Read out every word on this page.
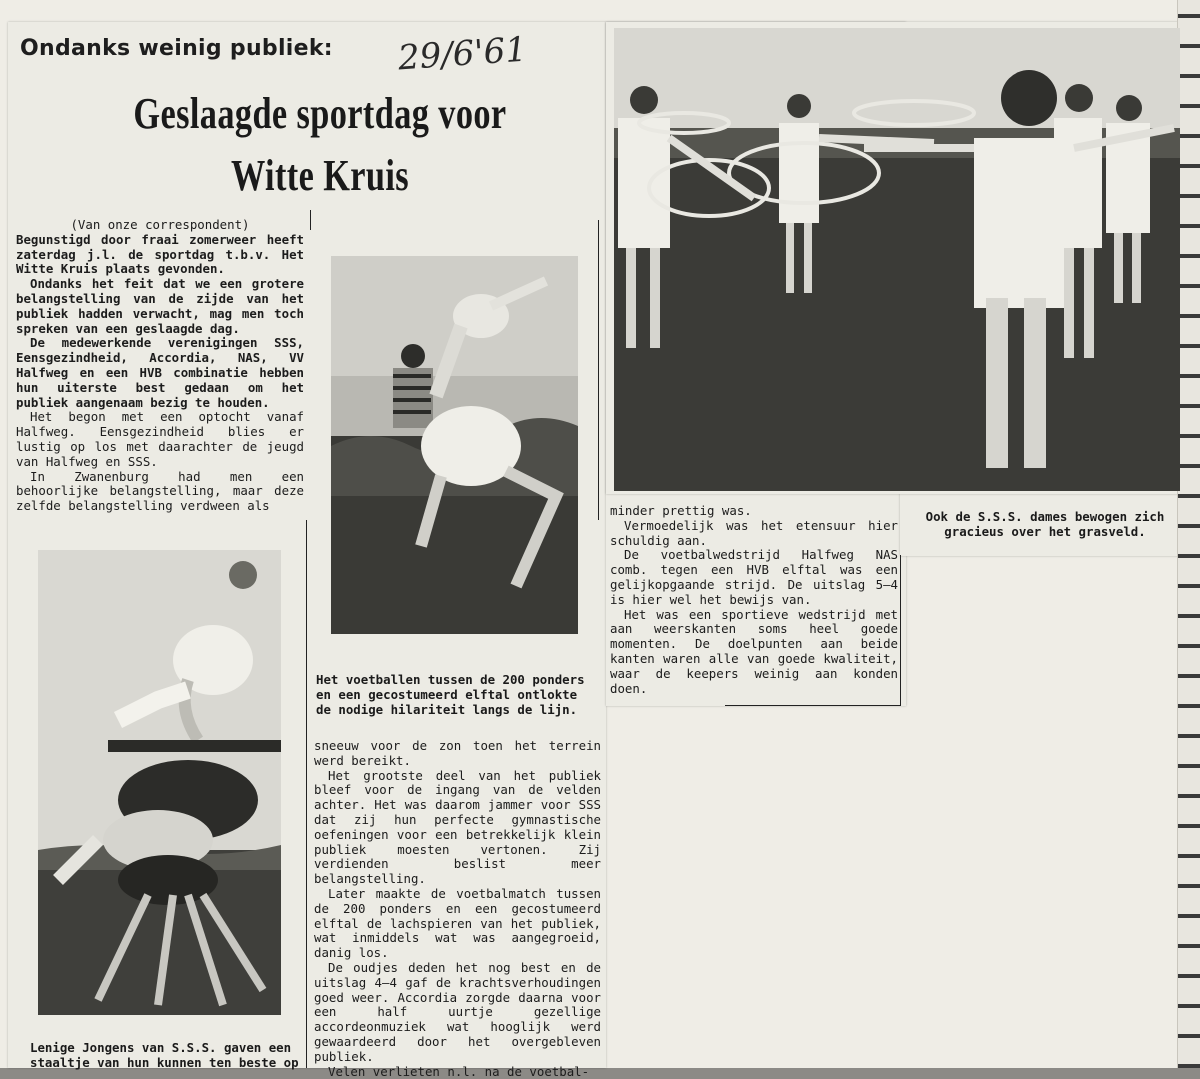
Ondanks weinig publiek: 29/6'61
Geslaagde sportdag voor
Witte Kruis

(Van onze correspondent)

Begunstigd door fraai zomerweer heeft zaterdag j.l. de sportdag t.b.v. Het Witte Kruis plaats gevonden.

Ondanks het feit dat we een grotere belangstelling van de zijde van het publiek hadden verwacht, mag men toch spreken van een geslaagde dag.

De medewerkende verenigingen SSS, Eensgezindheid, Accordia, NAS, VV Halfweg en een HVB combinatie hebben hun uiterste best gedaan om het publiek aangenaam bezig te houden.

Het begon met een optocht vanaf Halfweg. Eensgezindheid blies er lustig op los met daarachter de jeugd van Halfweg en SSS.

In Zwanenburg had men een behoorlijke belangstelling, maar deze zelfde belangstelling verdween als

Lenige Jongens van S.S.S. gaven een staaltje van hun kunnen ten beste op
Het voetballen tussen de 200 ponders en een gecostumeerd elftal ontlokte de nodige hilariteit langs de lijn.

sneeuw voor de zon toen het terrein werd bereikt.

Het grootste deel van het publiek bleef voor de ingang van de velden achter. Het was daarom jammer voor SSS dat zij hun perfecte gymnastische oefeningen voor een betrekkelijk klein publiek moesten vertonen. Zij verdienden beslist meer belangstelling.

Later maakte de voetbalmatch tussen de 200 ponders en een gecostumeerd elftal de lachspieren van het publiek, wat inmiddels wat was aangegroeid, danig los.

De oudjes deden het nog best en de uitslag 4—4 gaf de krachtsverhoudingen goed weer. Accordia zorgde daarna voor een half uurtje gezellige accordeonmuziek wat hooglijk werd gewaardeerd door het overgebleven publiek.

Velen verlieten n.l. na de voetbal-

minder prettig was.

Vermoedelijk was het etensuur hier schuldig aan.

De voetbalwedstrijd Halfweg NAS comb. tegen een HVB elftal was een gelijkopgaande strijd. De uitslag 5—4 is hier wel het bewijs van.

Het was een sportieve wedstrijd met aan weerskanten soms heel goede momenten. De doelpunten aan beide kanten waren alle van goede kwaliteit, waar de keepers weinig aan konden doen.

Ook de S.S.S. dames bewogen zich gracieus over het grasveld.
